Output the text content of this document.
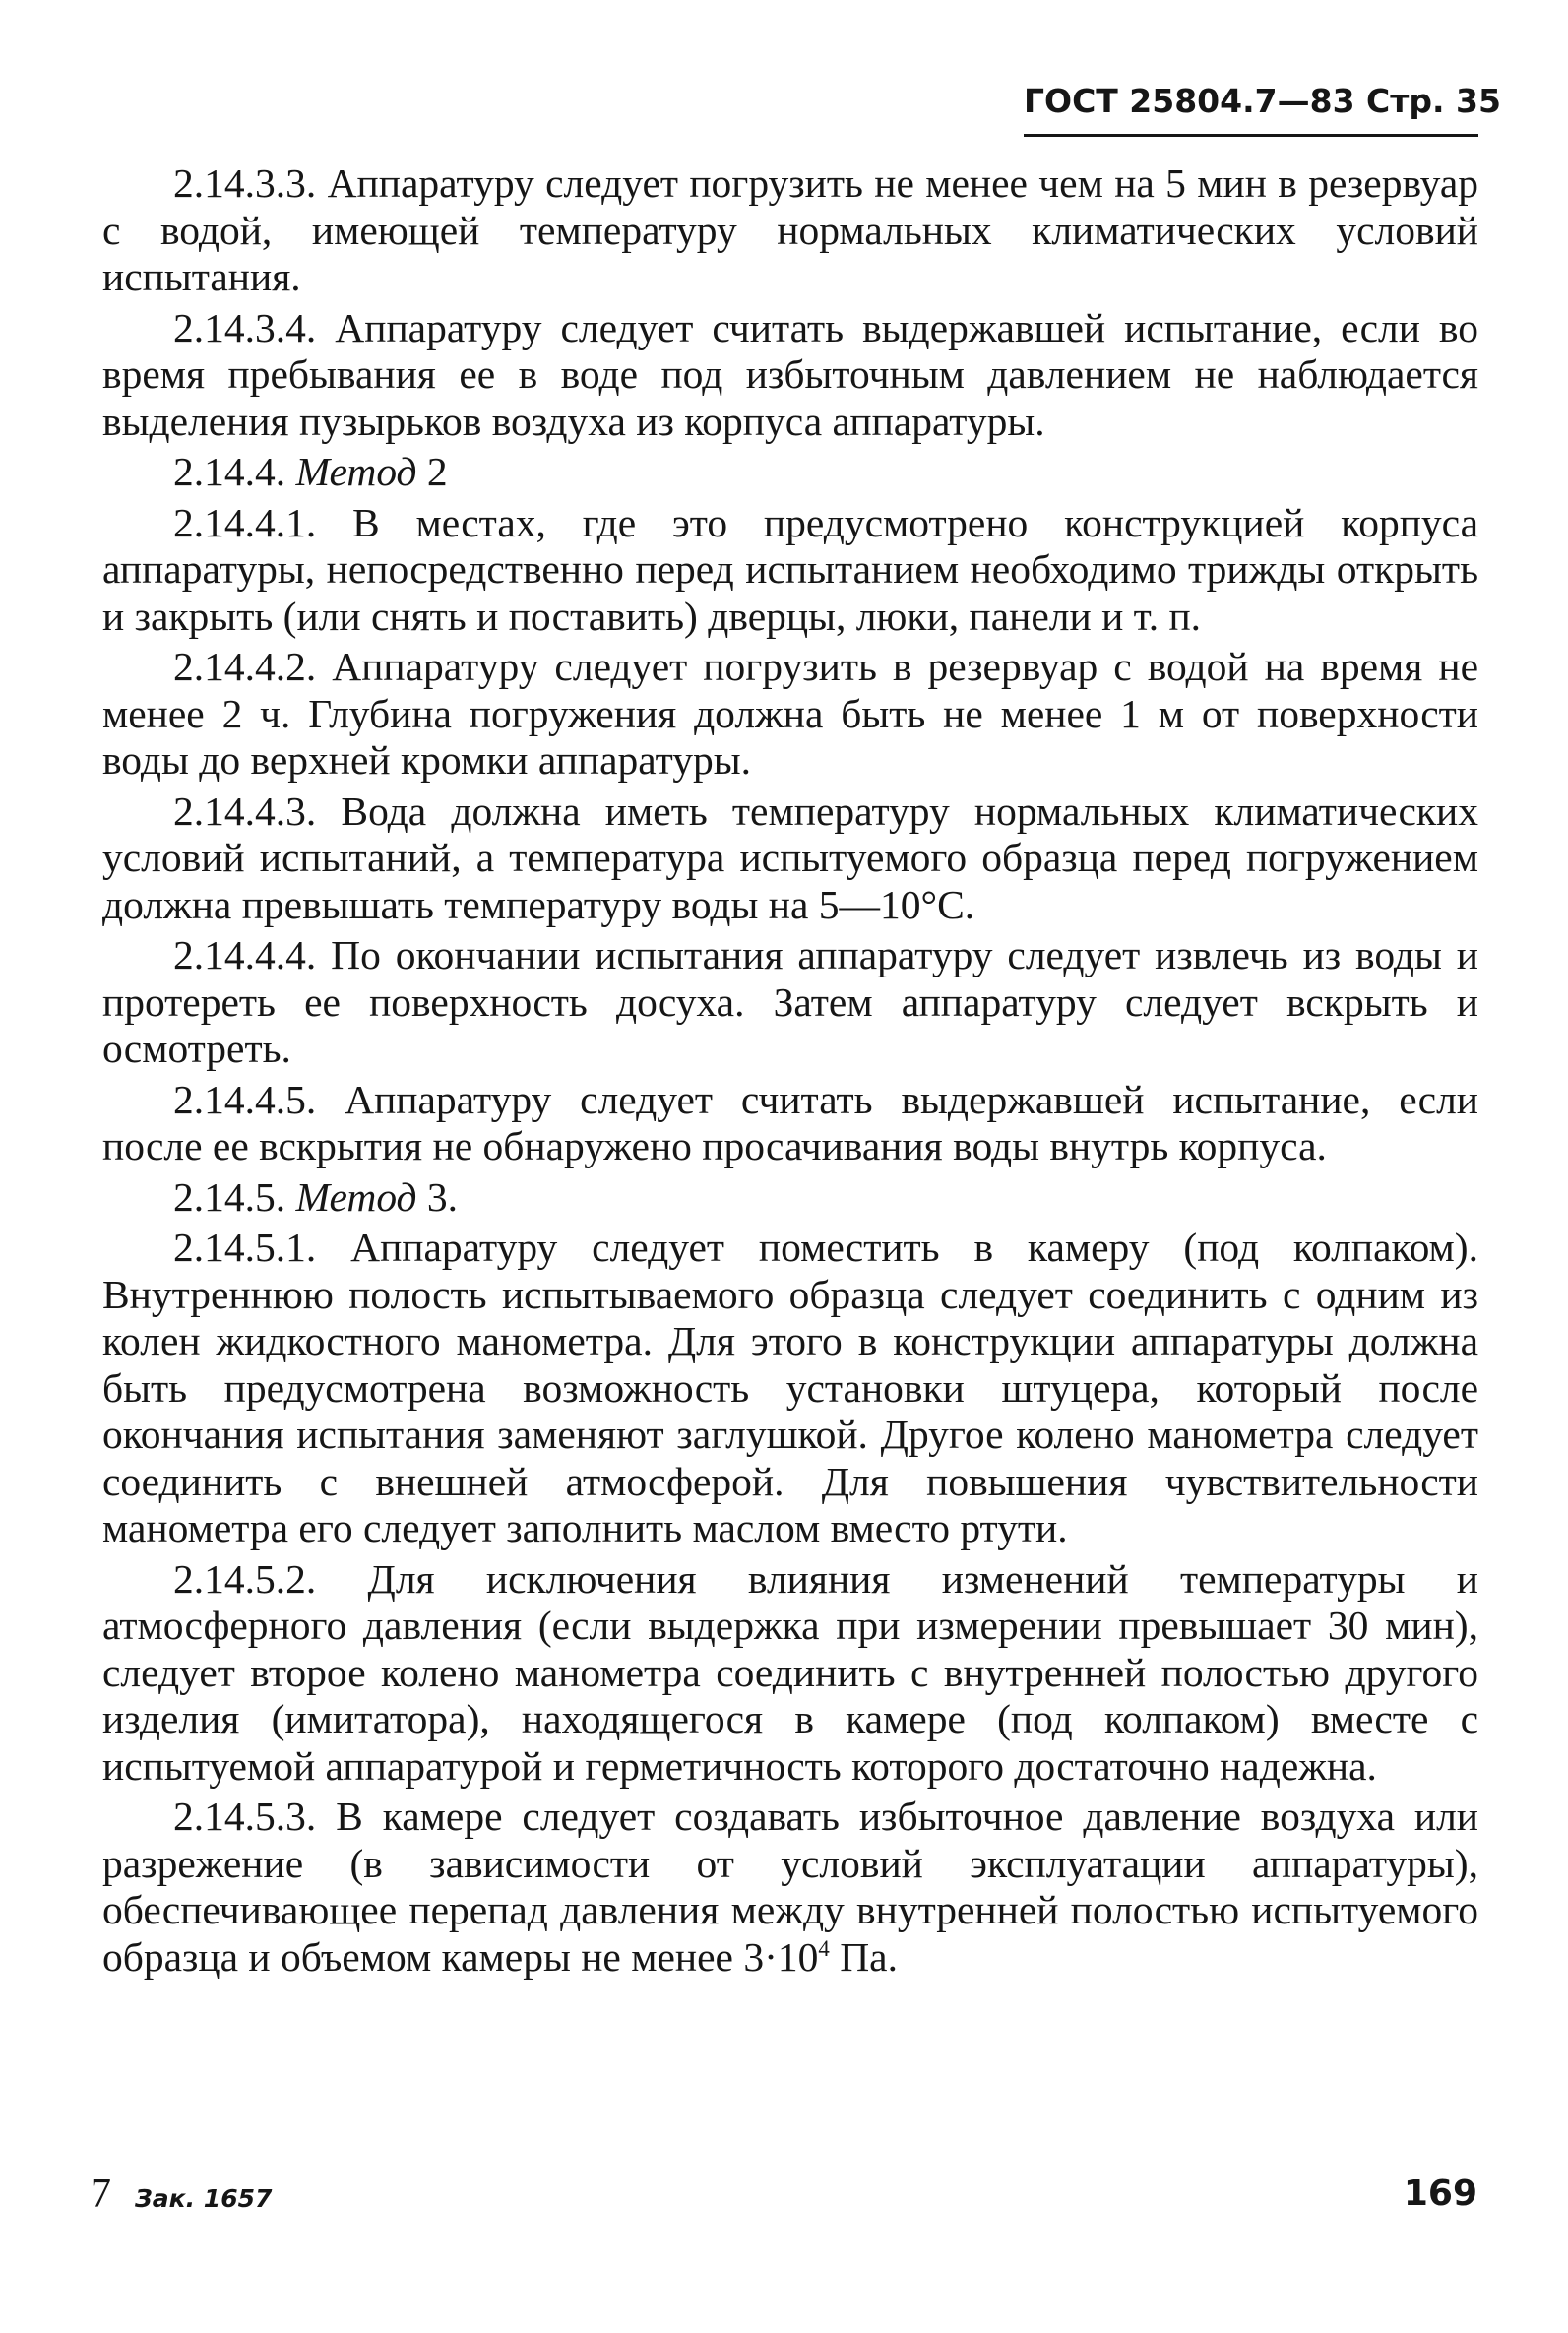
ГОСТ 25804.7—83 Стр. 35

2.14.3.3. Аппаратуру следует погрузить не менее чем на 5 мин в резервуар с водой, имеющей температуру нормальных климатических условий испытания.

2.14.3.4. Аппаратуру следует считать выдержавшей испытание, если во время пребывания ее в воде под избыточным давлением не наблюдается выделения пузырьков воздуха из корпуса аппаратуры.

2.14.4. Метод 2

2.14.4.1. В местах, где это предусмотрено конструкцией корпуса аппаратуры, непосредственно перед испытанием необходимо трижды открыть и закрыть (или снять и поставить) дверцы, люки, панели и т. п.

2.14.4.2. Аппаратуру следует погрузить в резервуар с водой на время не менее 2 ч. Глубина погружения должна быть не менее 1 м от поверхности воды до верхней кромки аппаратуры.

2.14.4.3. Вода должна иметь температуру нормальных климатических условий испытаний, а температура испытуемого образца перед погружением должна превышать температуру воды на 5—10°С.

2.14.4.4. По окончании испытания аппаратуру следует извлечь из воды и протереть ее поверхность досуха. Затем аппаратуру следует вскрыть и осмотреть.

2.14.4.5. Аппаратуру следует считать выдержавшей испытание, если после ее вскрытия не обнаружено просачивания воды внутрь корпуса.

2.14.5. Метод 3.

2.14.5.1. Аппаратуру следует поместить в камеру (под колпаком). Внутреннюю полость испытываемого образца следует соединить с одним из колен жидкостного манометра. Для этого в конструкции аппаратуры должна быть предусмотрена возможность установки штуцера, который после окончания испытания заменяют заглушкой. Другое колено манометра следует соединить с внешней атмосферой. Для повышения чувствительности манометра его следует заполнить маслом вместо ртути.

2.14.5.2. Для исключения влияния изменений температуры и атмосферного давления (если выдержка при измерении превышает 30 мин), следует второе колено манометра соединить с внутренней полостью другого изделия (имитатора), находящегося в камере (под колпаком) вместе с испытуемой аппаратурой и герметичность которого достаточно надежна.

2.14.5.3. В камере следует создавать избыточное давление воздуха или разрежение (в зависимости от условий эксплуатации аппаратуры), обеспечивающее перепад давления между внутренней полостью испытуемого образца и объемом камеры не менее $3\cdot 10^4$ Па.

7 Зак. 1657	169
